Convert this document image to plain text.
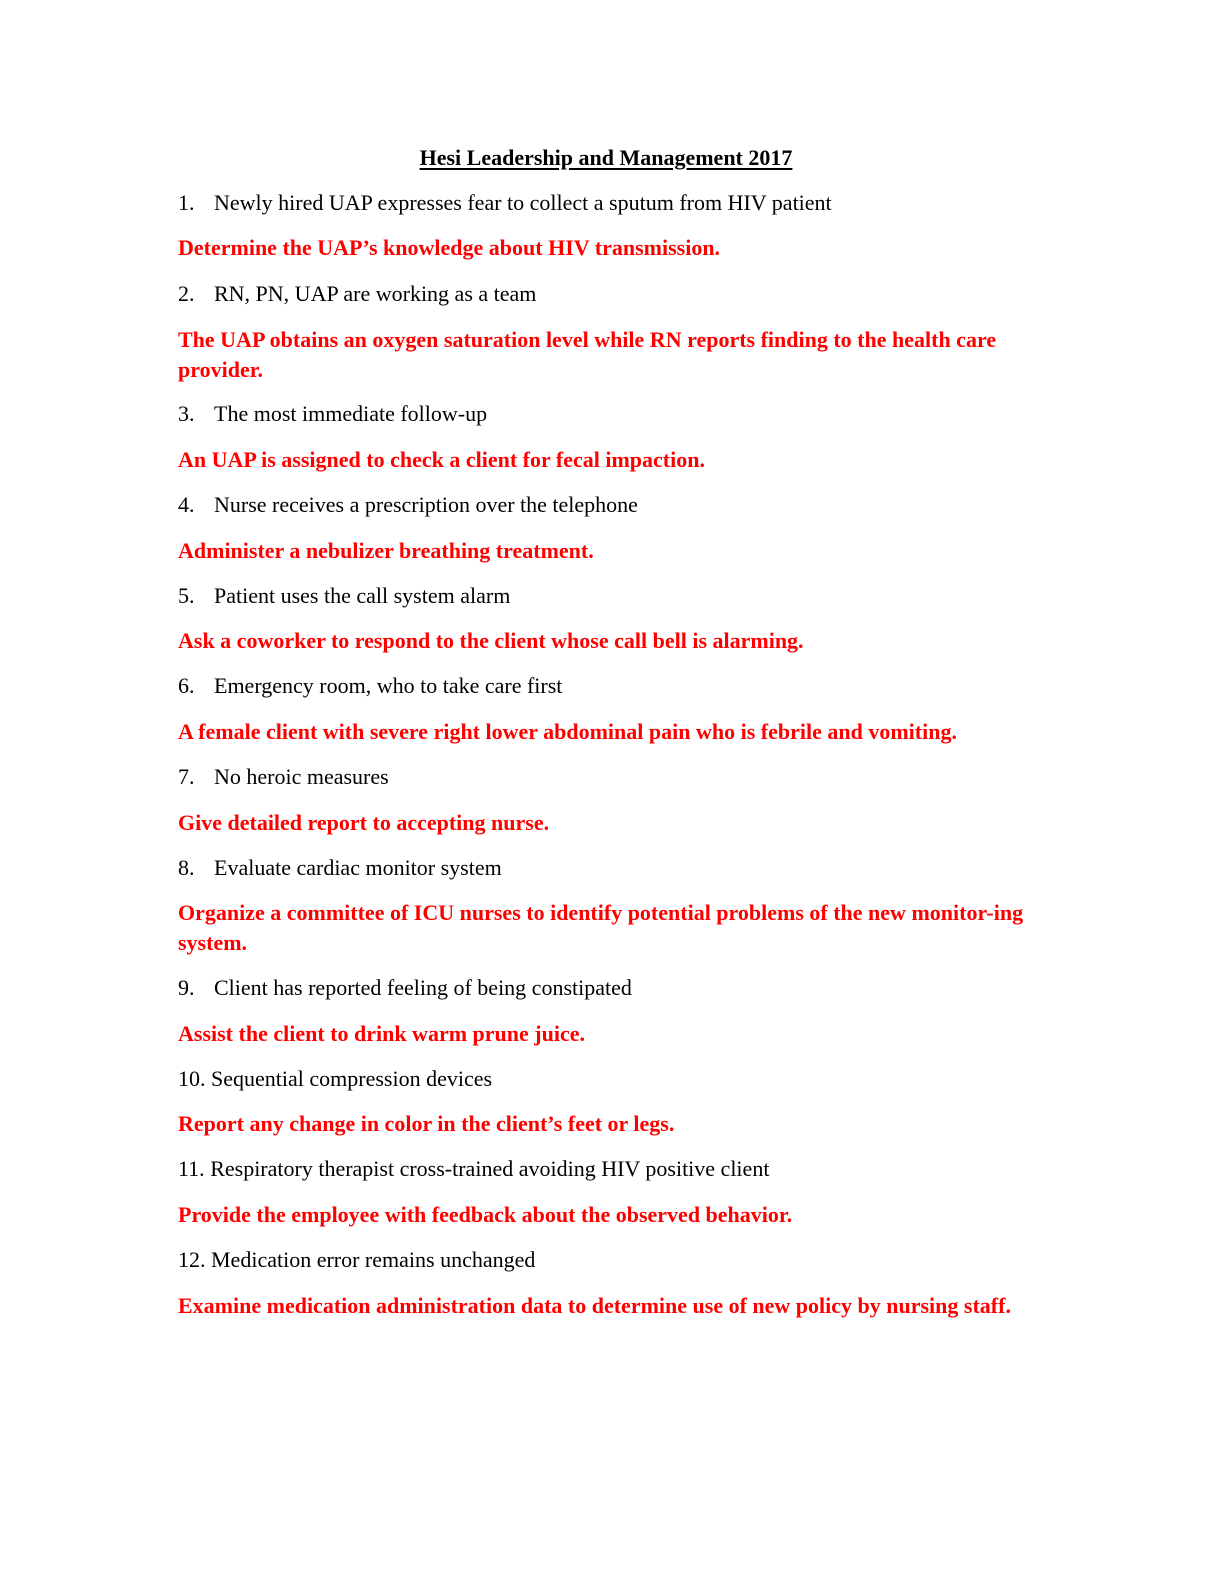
Hesi Leadership and Management 2017
1. Newly hired UAP expresses fear to collect a sputum from HIV patient
Determine the UAP’s knowledge about HIV transmission.
2. RN, PN, UAP are working as a team
The UAP obtains an oxygen saturation level while RN reports finding to the health care provider.
3. The most immediate follow-up
An UAP is assigned to check a client for fecal impaction.
4. Nurse receives a prescription over the telephone
Administer a nebulizer breathing treatment.
5. Patient uses the call system alarm
Ask a coworker to respond to the client whose call bell is alarming.
6. Emergency room, who to take care first
A female client with severe right lower abdominal pain who is febrile and vomiting.
7. No heroic measures
Give detailed report to accepting nurse.
8. Evaluate cardiac monitor system
Organize a committee of ICU nurses to identify potential problems of the new monitor-ing system.
9. Client has reported feeling of being constipated
Assist the client to drink warm prune juice.
10. Sequential compression devices
Report any change in color in the client’s feet or legs.
11. Respiratory therapist cross-trained avoiding HIV positive client
Provide the employee with feedback about the observed behavior.
12. Medication error remains unchanged
Examine medication administration data to determine use of new policy by nursing staff.
